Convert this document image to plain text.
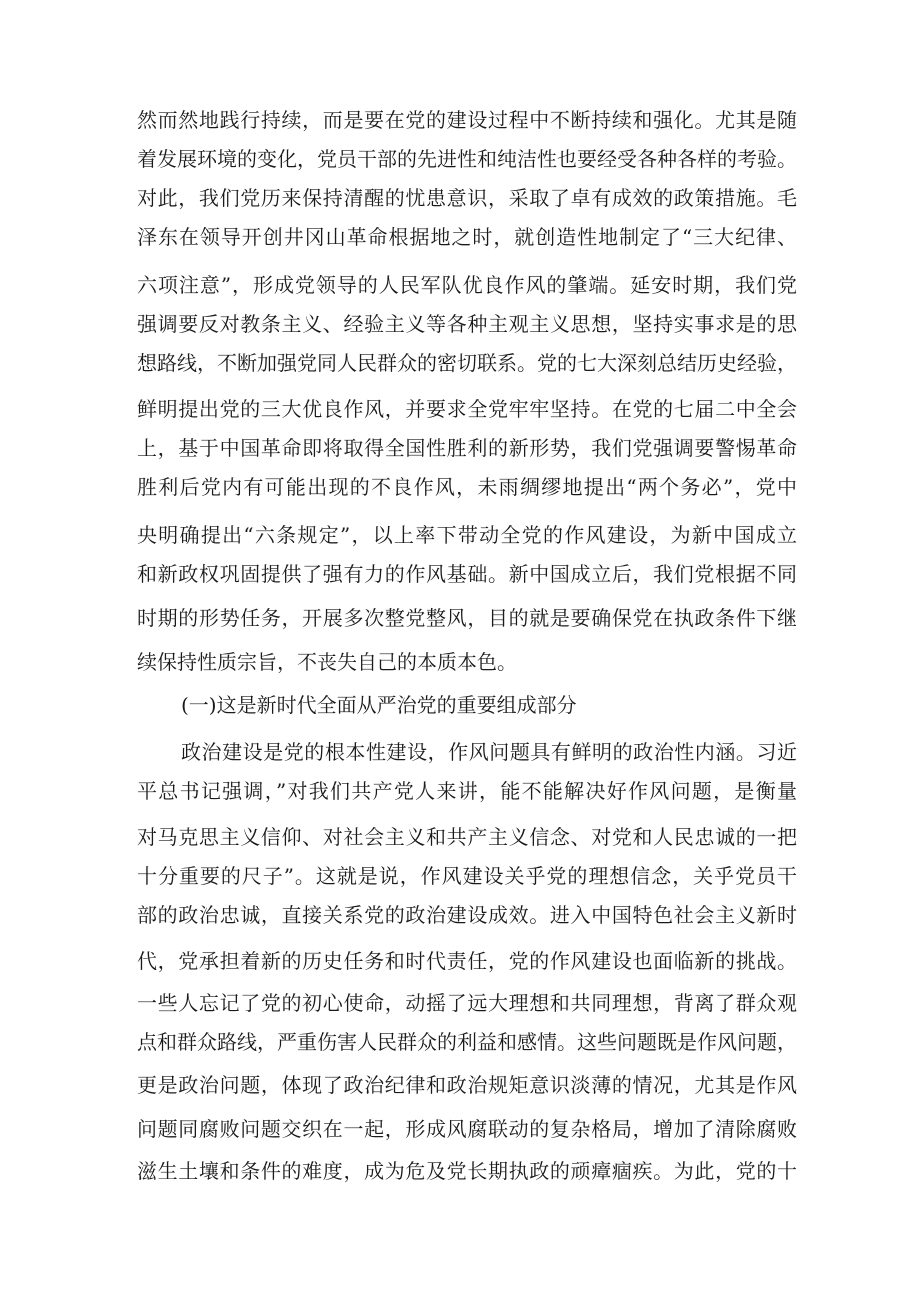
然而然地践行持续，而是要在党的建设过程中不断持续和强化。尤其是随
着发展环境的变化，党员干部的先进性和纯洁性也要经受各种各样的考验。
对此，我们党历来保持清醒的忧患意识，采取了卓有成效的政策措施。毛
泽东在领导开创井冈山革命根据地之时，就创造性地制定了“三大纪律、
六项注意”，形成党领导的人民军队优良作风的肇端。延安时期，我们党
强调要反对教条主义、经验主义等各种主观主义思想，坚持实事求是的思
想路线，不断加强党同人民群众的密切联系。党的七大深刻总结历史经验，
鲜明提出党的三大优良作风，并要求全党牢牢坚持。在党的七届二中全会
上，基于中国革命即将取得全国性胜利的新形势，我们党强调要警惕革命
胜利后党内有可能出现的不良作风，未雨绸缪地提出“两个务必”，党中
央明确提出“六条规定”，以上率下带动全党的作风建设，为新中国成立
和新政权巩固提供了强有力的作风基础。新中国成立后，我们党根据不同
时期的形势任务，开展多次整党整风，目的就是要确保党在执政条件下继
续保持性质宗旨，不丧失自己的本质本色。
(一)这是新时代全面从严治党的重要组成部分
政治建设是党的根本性建设，作风问题具有鲜明的政治性内涵。习近
平总书记强调，”对我们共产党人来讲，能不能解决好作风问题，是衡量
对马克思主义信仰、对社会主义和共产主义信念、对党和人民忠诚的一把
十分重要的尺子”。这就是说，作风建设关乎党的理想信念，关乎党员干
部的政治忠诚，直接关系党的政治建设成效。进入中国特色社会主义新时
代，党承担着新的历史任务和时代责任，党的作风建设也面临新的挑战。
一些人忘记了党的初心使命，动摇了远大理想和共同理想，背离了群众观
点和群众路线，严重伤害人民群众的利益和感情。这些问题既是作风问题，
更是政治问题，体现了政治纪律和政治规矩意识淡薄的情况，尤其是作风
问题同腐败问题交织在一起，形成风腐联动的复杂格局，增加了清除腐败
滋生土壤和条件的难度，成为危及党长期执政的顽瘴痼疾。为此，党的十
